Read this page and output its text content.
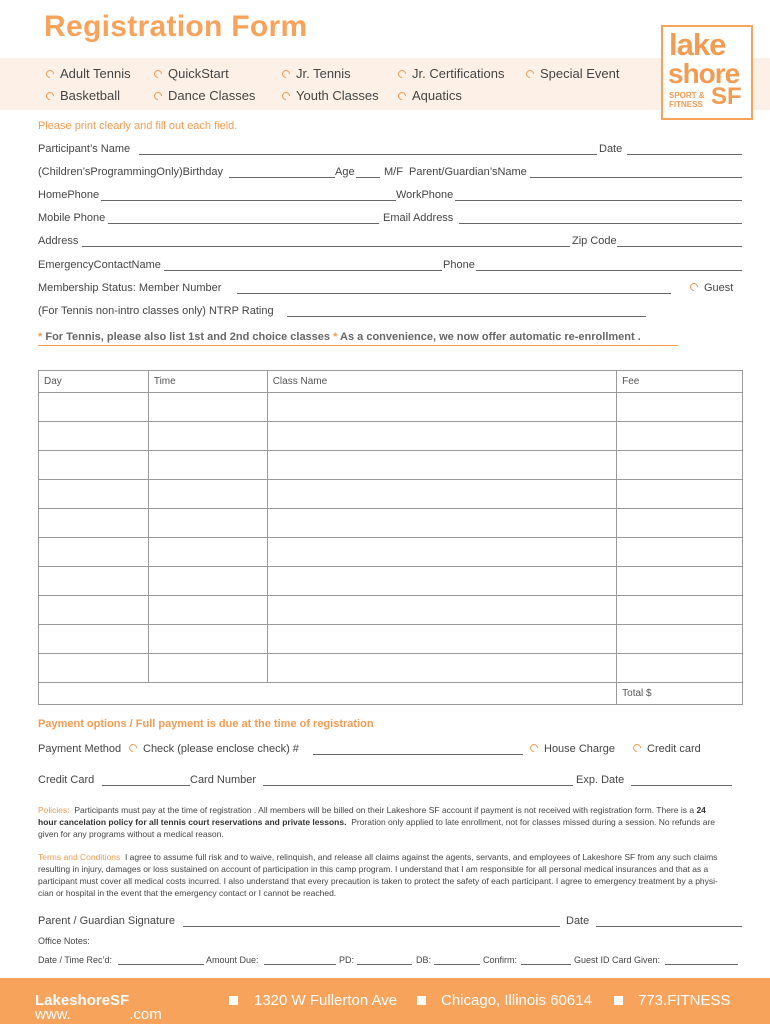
Registration Form
Adult Tennis	QuickStart	Jr. Tennis	Jr. Certifications	Special Event
Basketball	Dance Classes	Youth Classes	Aquatics
lake
shore
SPORT &
FITNESS SF
Please print clearly and fill out each field.
Participant’s Name	Date
(Children’sProgrammingOnly)Birthday	Age	M/F Parent/Guardian’sName
HomePhone	WorkPhone
Mobile Phone	Email Address
Address	Zip Code
EmergencyContactName	Phone
Membership Status: Member Number	Guest
(For Tennis non-intro classes only) NTRP Rating
* For Tennis, please also list 1st and 2nd choice classes * As a convenience, we now offer automatic re-enrollment .
Day	Time	Class Name	Fee

			Total $
Payment options / Full payment is due at the time of registration
Payment Method	Check (please enclose check) #	House Charge	Credit card
Credit Card	Card Number	Exp. Date
Policies: Participants must pay at the time of registration . All members will be billed on their Lakeshore SF account if payment is not received with registration form. There is a 24
hour cancelation policy for all tennis court reservations and private lessons. Proration only applied to late enrollment, not for classes missed during a session. No refunds are
given for any programs without a medical reason.
Terms and Conditions I agree to assume full risk and to waive, relinquish, and release all claims against the agents, servants, and employees of Lakeshore SF from any such claims
resulting in injury, damages or loss sustained on account of participation in this camp program. I understand that I am responsible for all personal medical insurances and that as a
participant must cover all medical costs incurred. I also understand that every precaution is taken to protect the safety of each participant. I agree to emergency treatment by a physi-
cian or hospital in the event that the emergency contact or I cannot be reached.
Parent / Guardian Signature	Date
Office Notes:
Date / Time Rec’d:	Amount Due:	PD:	DB:	Confirm:	Guest ID Card Given:
www.
LakeshoreSF
.com
1320 W Fullerton Ave	Chicago, Illinois 60614	773.FITNESS
